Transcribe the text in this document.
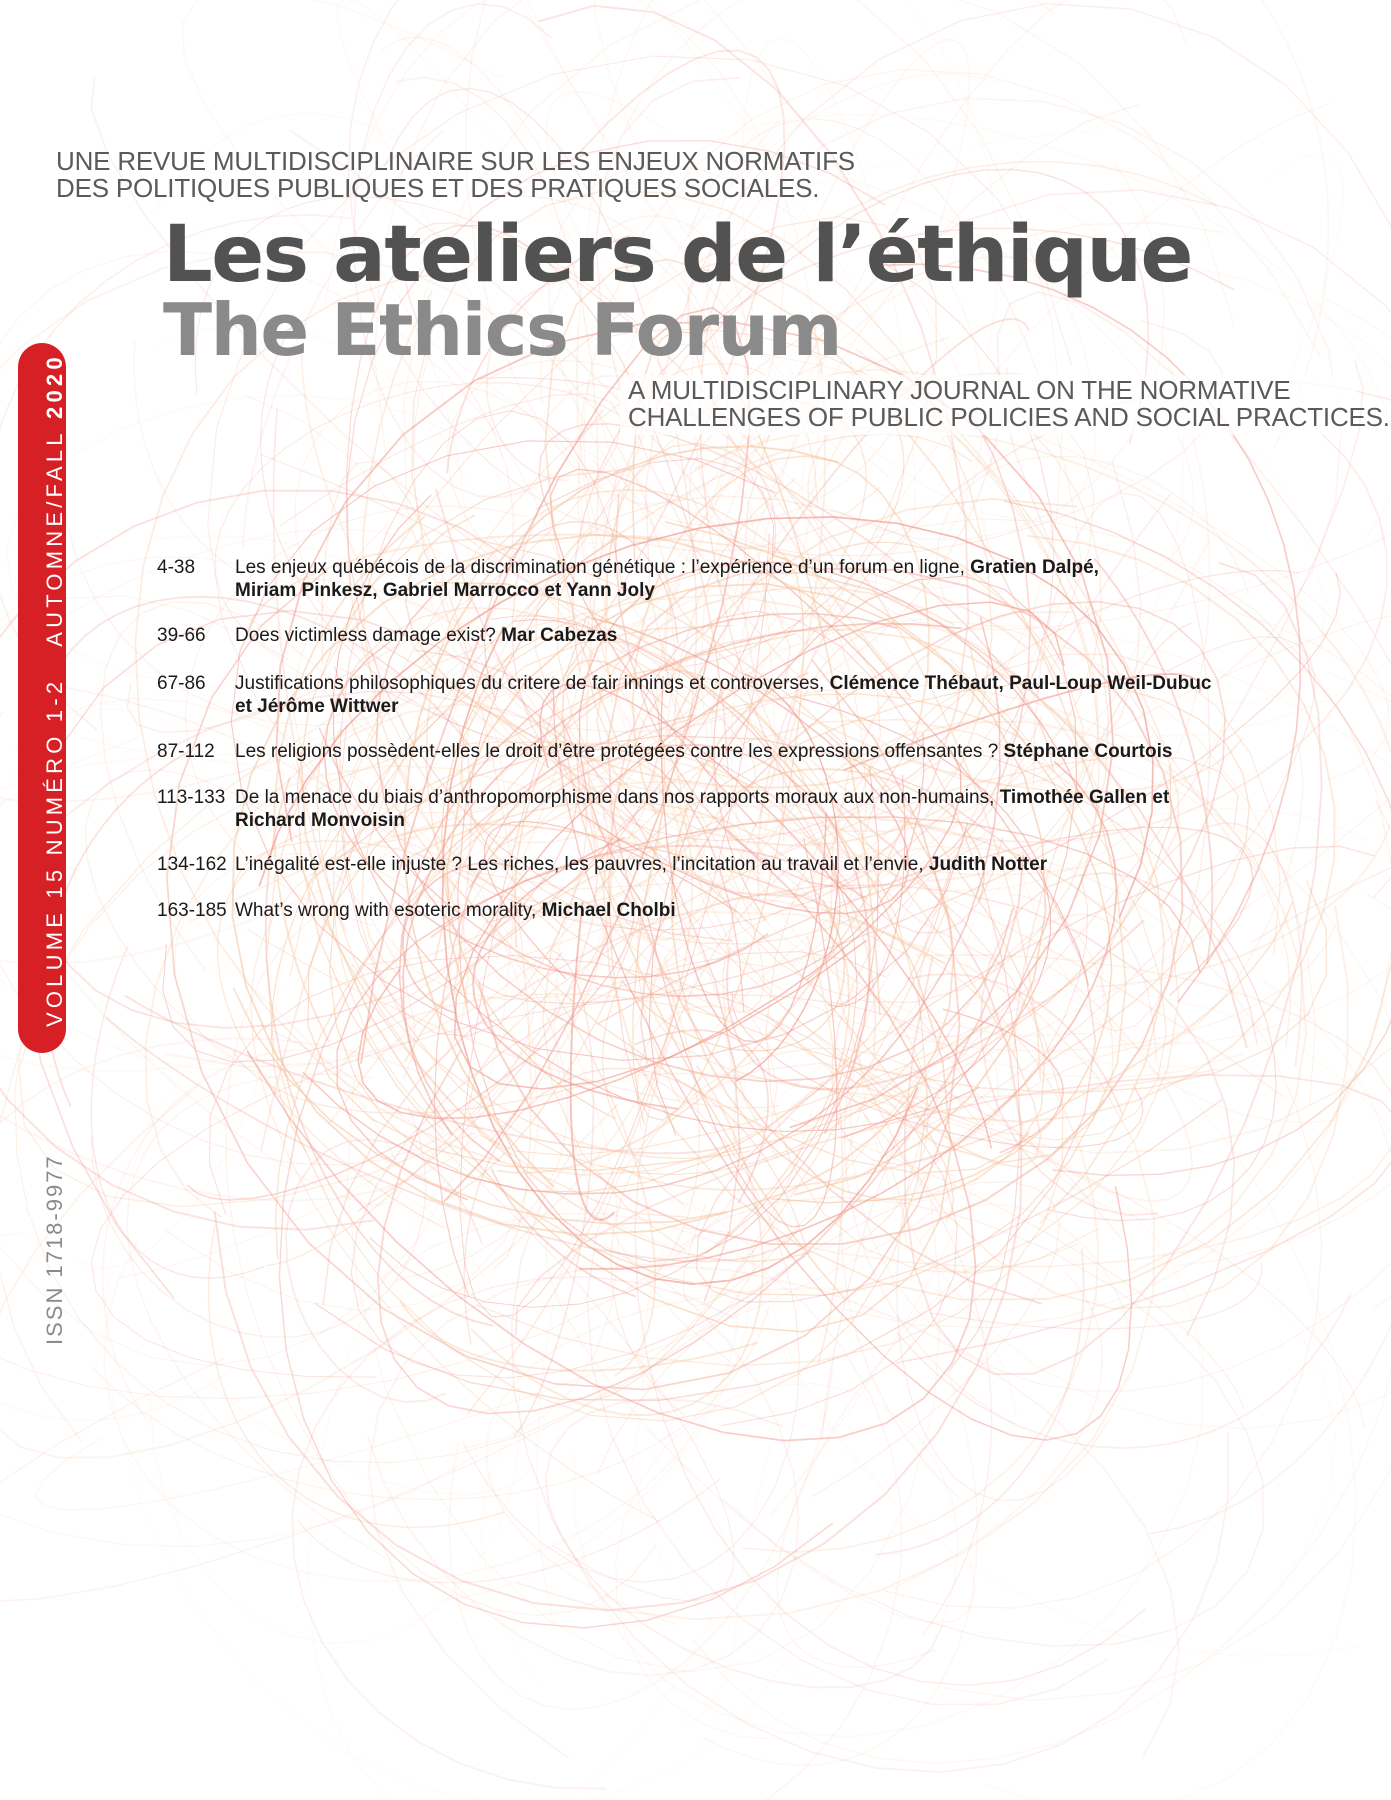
UNE REVUE MULTIDISCIPLINAIRE SUR LES ENJEUX NORMATIFS
DES POLITIQUES PUBLIQUES ET DES PRATIQUES SOCIALES.
Les ateliers de l’éthique
The Ethics Forum
A MULTIDISCIPLINARY JOURNAL ON THE NORMATIVE
CHALLENGES OF PUBLIC POLICIES AND SOCIAL PRACTICES.
VOLUME 15 NUMÉRO 1-2   AUTOMNE/FALL 2020
ISSN 1718-9977
4-38	Les enjeux québécois de la discrimination génétique : l’expérience d’un forum en ligne, Gratien Dalpé,
Miriam Pinkesz, Gabriel Marrocco et Yann Joly
39-66	Does victimless damage exist? Mar Cabezas
67-86	Justifications philosophiques du critere de fair innings et controverses, Clémence Thébaut, Paul-Loup Weil-Dubuc
et Jérôme Wittwer
87-112	Les religions possèdent-elles le droit d’être protégées contre les expressions offensantes ? Stéphane Courtois
113-133 De la menace du biais d’anthropomorphisme dans nos rapports moraux aux non-humains, Timothée Gallen et
Richard Monvoisin
134-162 L’inégalité est-elle injuste ? Les riches, les pauvres, l’incitation au travail et l’envie, Judith Notter
163-185 What’s wrong with esoteric morality, Michael Cholbi
